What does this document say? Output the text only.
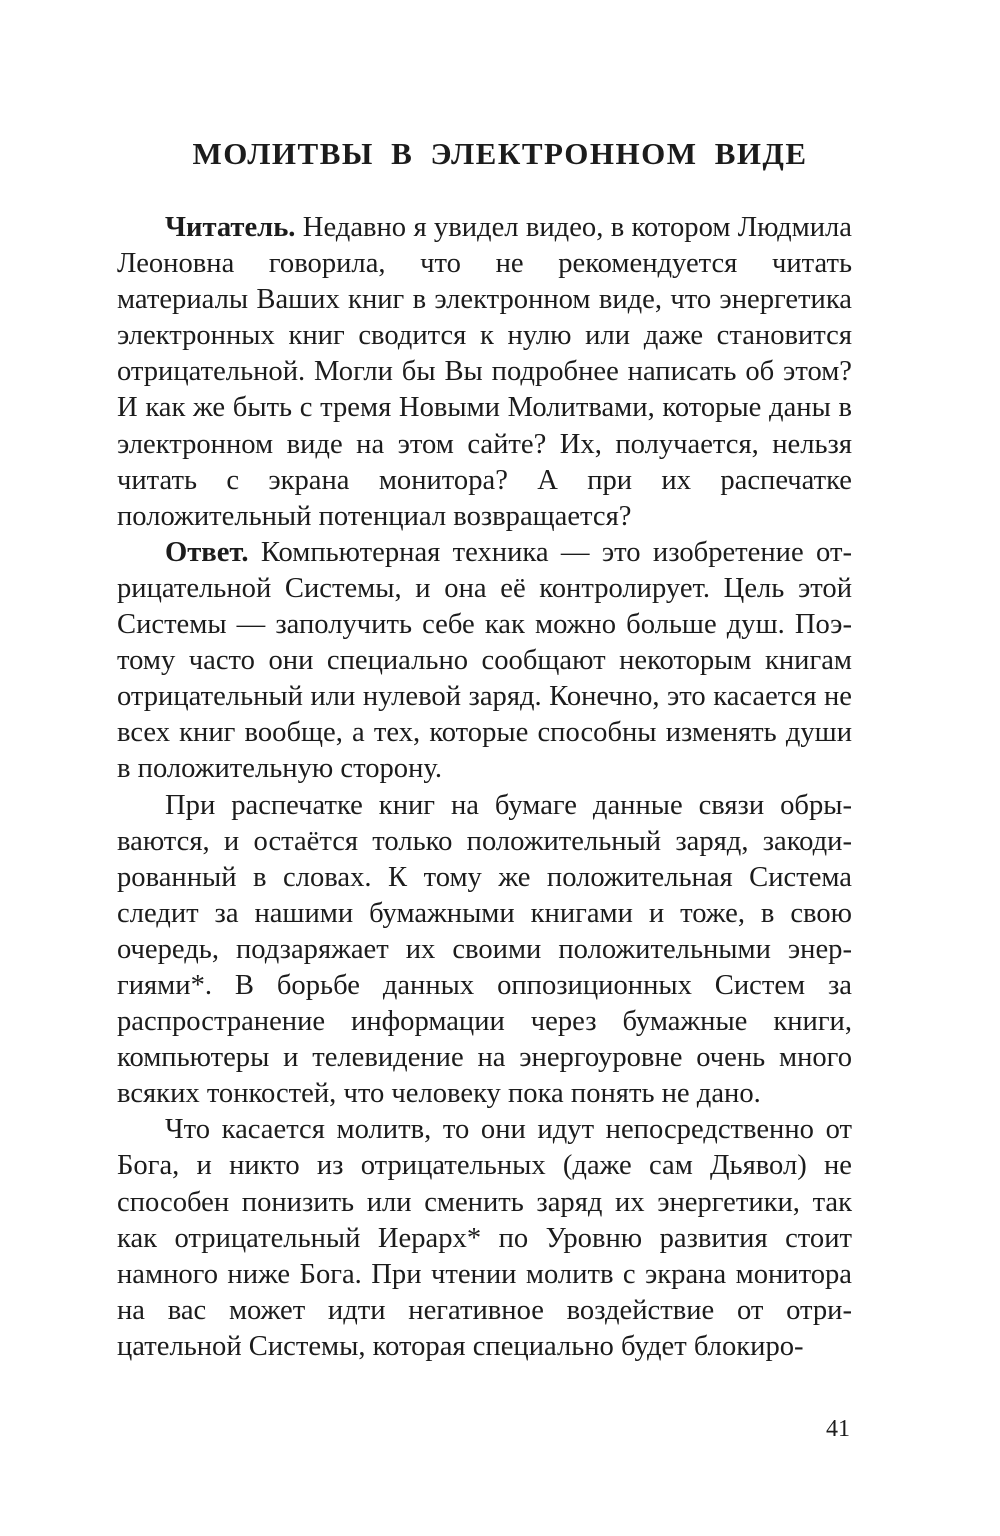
МОЛИТВЫ В ЭЛЕКТРОННОМ ВИДЕ

Читатель. Недавно я увидел видео, в котором Людмила Леоновна говорила, что не рекомендуется читать материалы Ваших книг в электронном виде, что энергетика электронных книг сводится к нулю или даже становится отрицательной. Могли бы Вы подробнее написать об этом? И как же быть с тремя Новыми Молитвами, которые даны в электронном виде на этом сайте? Их, получается, нельзя читать с экрана монитора? А при их распечатке положительный потенциал возвращается?

Ответ. Компьютерная техника — это изобретение отрицательной Системы, и она её контролирует. Цель этой Системы — заполучить себе как можно больше душ. Поэтому часто они специально сообщают некоторым книгам отрицательный или нулевой заряд. Конечно, это касается не всех книг вообще, а тех, которые способны изменять души в положительную сторону.

При распечатке книг на бумаге данные связи обрываются, и остаётся только положительный заряд, закодированный в словах. К тому же положительная Система следит за нашими бумажными книгами и тоже, в свою очередь, подзаряжает их своими положительными энергиями*. В борьбе данных оппозиционных Систем за распространение информации через бумажные книги, компьютеры и телевидение на энергоуровне очень много всяких тонкостей, что человеку пока понять не дано.

Что касается молитв, то они идут непосредственно от Бога, и никто из отрицательных (даже сам Дьявол) не способен понизить или сменить заряд их энергетики, так как отрицательный Иерарх* по Уровню развития стоит намного ниже Бога. При чтении молитв с экрана монитора на вас может идти негативное воздействие от отрицательной Системы, которая специально будет блокиро-

41
